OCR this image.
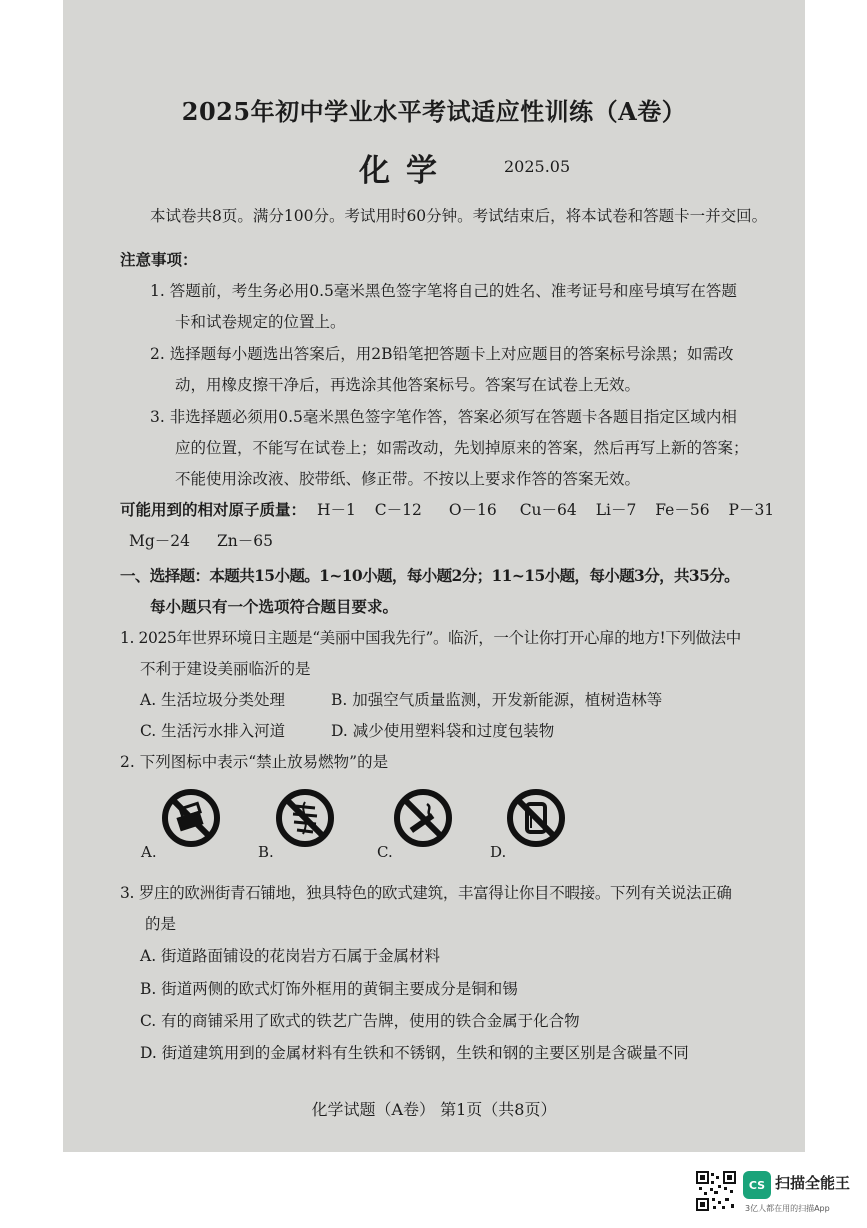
2025年初中学业水平考试适应性训练（A卷）
化学	2025.05
本试卷共8页。满分100分。考试用时60分钟。考试结束后，将本试卷和答题卡一并交回。
注意事项：
1. 答题前，考生务必用0.5毫米黑色签字笔将自己的姓名、准考证号和座号填写在答题
卡和试卷规定的位置上。
2. 选择题每小题选出答案后，用2B铅笔把答题卡上对应题目的答案标号涂黑；如需改
动，用橡皮擦干净后，再选涂其他答案标号。答案写在试卷上无效。
3. 非选择题必须用0.5毫米黑色签字笔作答，答案必须写在答题卡各题目指定区域内相
应的位置，不能写在试卷上；如需改动，先划掉原来的答案，然后再写上新的答案；
不能使用涂改液、胶带纸、修正带。不按以上要求作答的答案无效。
可能用到的相对原子质量： H－1 C－12 O－16 Cu－64 Li－7 Fe－56 P－31
Mg－24 Zn－65
一、选择题：本题共15小题。1~10小题，每小题2分；11~15小题，每小题3分，共35分。
每小题只有一个选项符合题目要求。
1. 2025年世界环境日主题是“美丽中国我先行”。临沂，一个让你打开心扉的地方!下列做法中
不利于建设美丽临沂的是
A. 生活垃圾分类处理	B. 加强空气质量监测，开发新能源，植树造林等
C. 生活污水排入河道	D. 减少使用塑料袋和过度包装物
2. 下列图标中表示“禁止放易燃物”的是
A.	B.	C.	D.
3. 罗庄的欧洲街青石铺地，独具特色的欧式建筑，丰富得让你目不暇接。下列有关说法正确
的是
A. 街道路面铺设的花岗岩方石属于金属材料
B. 街道两侧的欧式灯饰外框用的黄铜主要成分是铜和锡
C. 有的商铺采用了欧式的铁艺广告牌，使用的铁合金属于化合物
D. 街道建筑用到的金属材料有生铁和不锈钢，生铁和钢的主要区别是含碳量不同
化学试题（A卷） 第1页（共8页）
CS 扫描全能王
3亿人都在用的扫描App
